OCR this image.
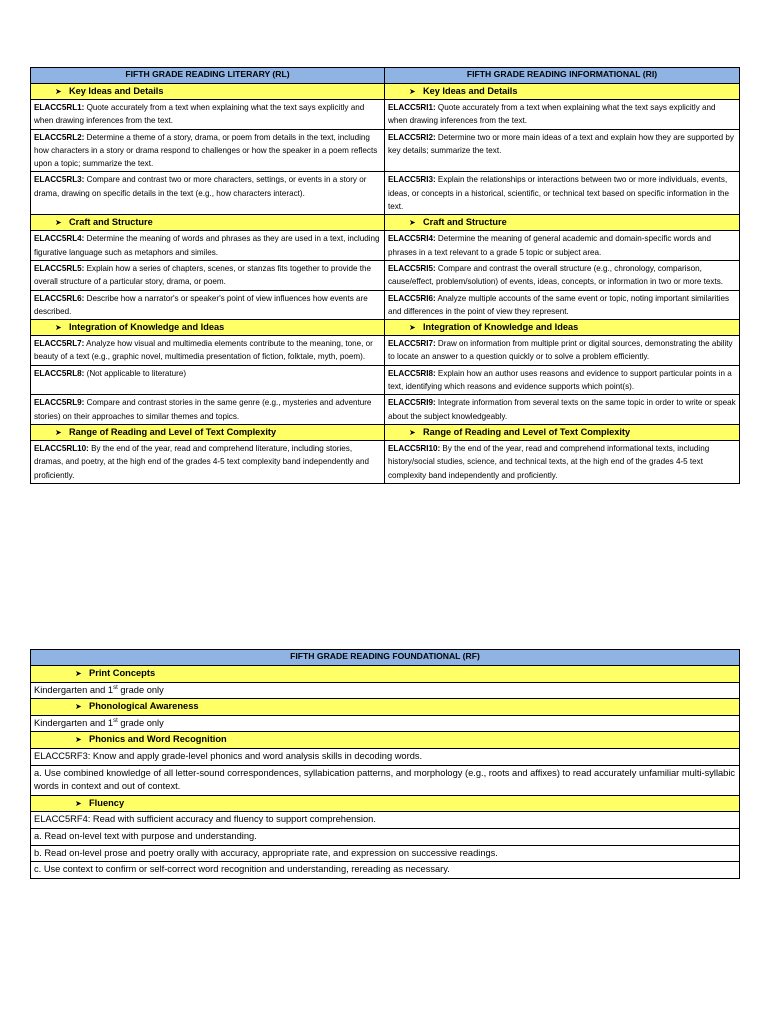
FIFTH GRADE READING LITERARY (RL)	FIFTH GRADE READING INFORMATIONAL (RI)
➤ Key Ideas and Details	➤ Key Ideas and Details
ELACC5RL1: Quote accurately from a text when explaining what the text says explicitly and when drawing inferences from the text.	ELACC5RI1: Quote accurately from a text when explaining what the text says explicitly and when drawing inferences from the text.
ELACC5RL2: Determine a theme of a story, drama, or poem from details in the text, including how characters in a story or drama respond to challenges or how the speaker in a poem reflects upon a topic; summarize the text.	ELACC5RI2: Determine two or more main ideas of a text and explain how they are supported by key details; summarize the text.
ELACC5RL3: Compare and contrast two or more characters, settings, or events in a story or drama, drawing on specific details in the text (e.g., how characters interact).	ELACC5RI3: Explain the relationships or interactions between two or more individuals, events, ideas, or concepts in a historical, scientific, or technical text based on specific information in the text.
➤ Craft and Structure	➤ Craft and Structure
ELACC5RL4: Determine the meaning of words and phrases as they are used in a text, including figurative language such as metaphors and similes.	ELACC5RI4: Determine the meaning of general academic and domain-specific words and phrases in a text relevant to a grade 5 topic or subject area.
ELACC5RL5: Explain how a series of chapters, scenes, or stanzas fits together to provide the overall structure of a particular story, drama, or poem.	ELACC5RI5: Compare and contrast the overall structure (e.g., chronology, comparison, cause/effect, problem/solution) of events, ideas, concepts, or information in two or more texts.
ELACC5RL6: Describe how a narrator's or speaker's point of view influences how events are described.	ELACC5RI6: Analyze multiple accounts of the same event or topic, noting important similarities and differences in the point of view they represent.
➤ Integration of Knowledge and Ideas	➤ Integration of Knowledge and Ideas
ELACC5RL7: Analyze how visual and multimedia elements contribute to the meaning, tone, or beauty of a text (e.g., graphic novel, multimedia presentation of fiction, folktale, myth, poem).	ELACC5RI7: Draw on information from multiple print or digital sources, demonstrating the ability to locate an answer to a question quickly or to solve a problem efficiently.
ELACC5RL8: (Not applicable to literature)	ELACC5RI8: Explain how an author uses reasons and evidence to support particular points in a text, identifying which reasons and evidence supports which point(s).
ELACC5RL9: Compare and contrast stories in the same genre (e.g., mysteries and adventure stories) on their approaches to similar themes and topics.	ELACC5RI9: Integrate information from several texts on the same topic in order to write or speak about the subject knowledgeably.
➤ Range of Reading and Level of Text Complexity	➤ Range of Reading and Level of Text Complexity
ELACC5RL10: By the end of the year, read and comprehend literature, including stories, dramas, and poetry, at the high end of the grades 4-5 text complexity band independently and proficiently.	ELACC5RI10: By the end of the year, read and comprehend informational texts, including history/social studies, science, and technical texts, at the high end of the grades 4-5 text complexity band independently and proficiently.
FIFTH GRADE READING FOUNDATIONAL (RF)
➤ Print Concepts
Kindergarten and 1st grade only
➤ Phonological Awareness
Kindergarten and 1st grade only
➤ Phonics and Word Recognition
ELACC5RF3: Know and apply grade-level phonics and word analysis skills in decoding words.
a. Use combined knowledge of all letter-sound correspondences, syllabication patterns, and morphology (e.g., roots and affixes) to read accurately unfamiliar multi-syllabic words in context and out of context.
➤ Fluency
ELACC5RF4: Read with sufficient accuracy and fluency to support comprehension.
a. Read on-level text with purpose and understanding.
b. Read on-level prose and poetry orally with accuracy, appropriate rate, and expression on successive readings.
c. Use context to confirm or self-correct word recognition and understanding, rereading as necessary.
